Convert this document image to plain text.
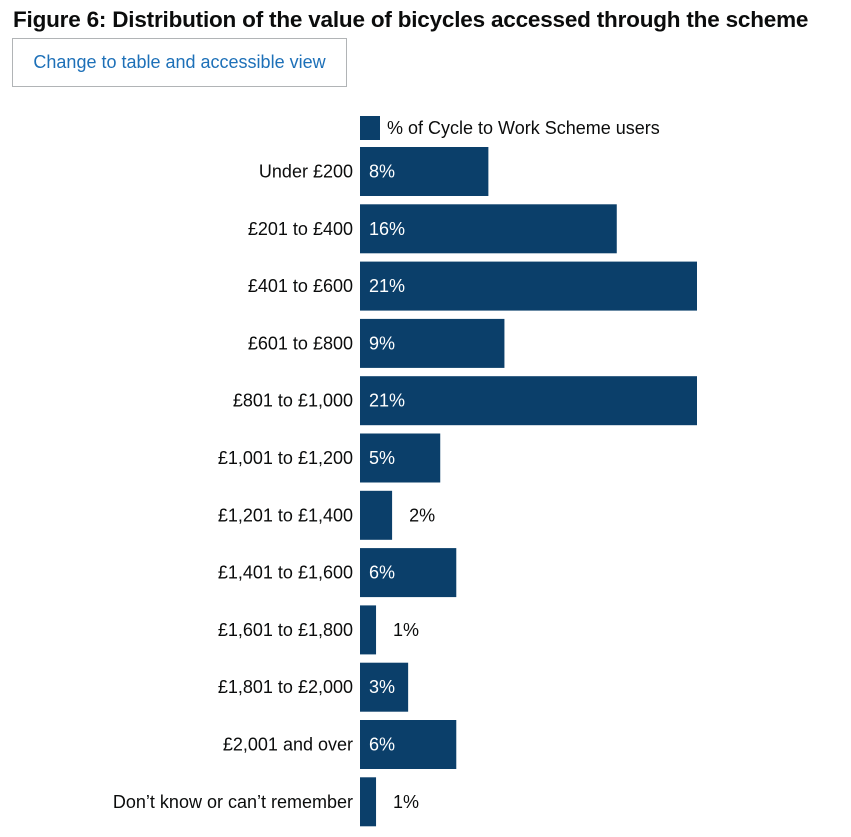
Figure 6: Distribution of the value of bicycles accessed through the scheme
Change to table and accessible view
% of Cycle to Work Scheme users
Under £200 8%
£201 to £400 16%
£401 to £600 21%
£601 to £800 9%
£801 to £1,000 21%
£1,001 to £1,200 5%
£1,201 to £1,400	2%
£1,401 to £1,600 6%
£1,601 to £1,800 1%
£1,801 to £2,000 3%
£2,001 and over 6%
Don’t know or can’t remember 1%
